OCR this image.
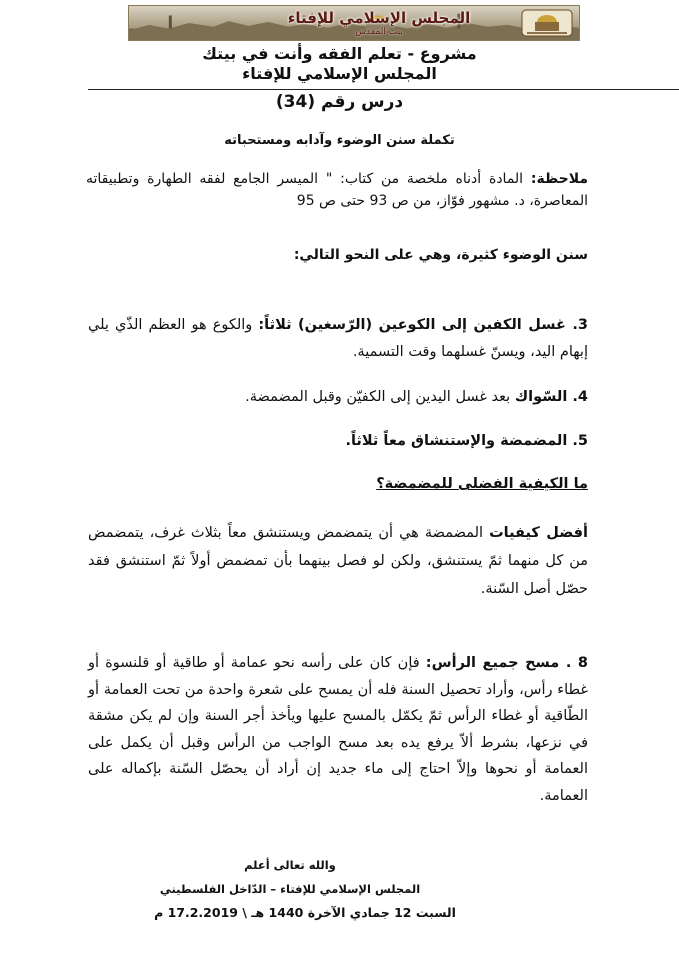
المجلس الإسلامي للإفتاء
بيت المقدس
مشروع - تعلم الفقه وأنت في بيتك
المجلس الإسلامي للإفتاء
درس رقم (34)
تكملة سنن الوضوء وآدابه ومستحباته
ملاحظة: المادة أدناه ملخصة من كتاب: " الميسر الجامع لفقه الطهارة وتطبيقاته المعاصرة، د. مشهور فوّاز، من ص 93 حتى ص 95
سنن الوضوء كثيرة، وهي على النحو التالي:
3. غسل الكفين إلى الكوعين (الرّسغين) ثلاثاً: والكوع هو العظم الذّي يلي إبهام اليد، ويسنّ غسلهما وقت التسمية.
4. السّواك بعد غسل اليدين إلى الكفيّن وقبل المضمضة.
5. المضمضة والإستنشاق معاً ثلاثاً.
ما الكيفية الفضلى للمضمضة؟
أفضل كيفيات المضمضة هي أن يتمضمض ويستنشق معاً بثلاث غرف، يتمضمض من كل منهما ثمّ يستنشق، ولكن لو فصل بينهما بأن تمضمض أولاً ثمّ استنشق فقد حصّل أصل السّنة.
8 . مسح جميع الرأس: فإن كان على رأسه نحو عمامة أو طاقية أو قلنسوة أو غطاء رأس، وأراد تحصيل السنة فله أن يمسح على شعرة واحدة من تحت العمامة أو الطّاقية أو غطاء الرأس ثمّ يكمّل بالمسح عليها ويأخذ أجر السنة وإن لم يكن مشقة في نزعها، بشرط ألاّ يرفع يده بعد مسح الواجب من الرأس وقبل أن يكمل على العمامة أو نحوها وإلاّ احتاج إلى ماء جديد إن أراد أن يحصّل السّنة بإكماله على العمامة.
والله تعالى أعلم
المجلس الإسلامي للإفتاء – الدّاخل الفلسطيني
السبت 12 جمادي الآخرة 1440 هـ \ 17.2.2019 م
